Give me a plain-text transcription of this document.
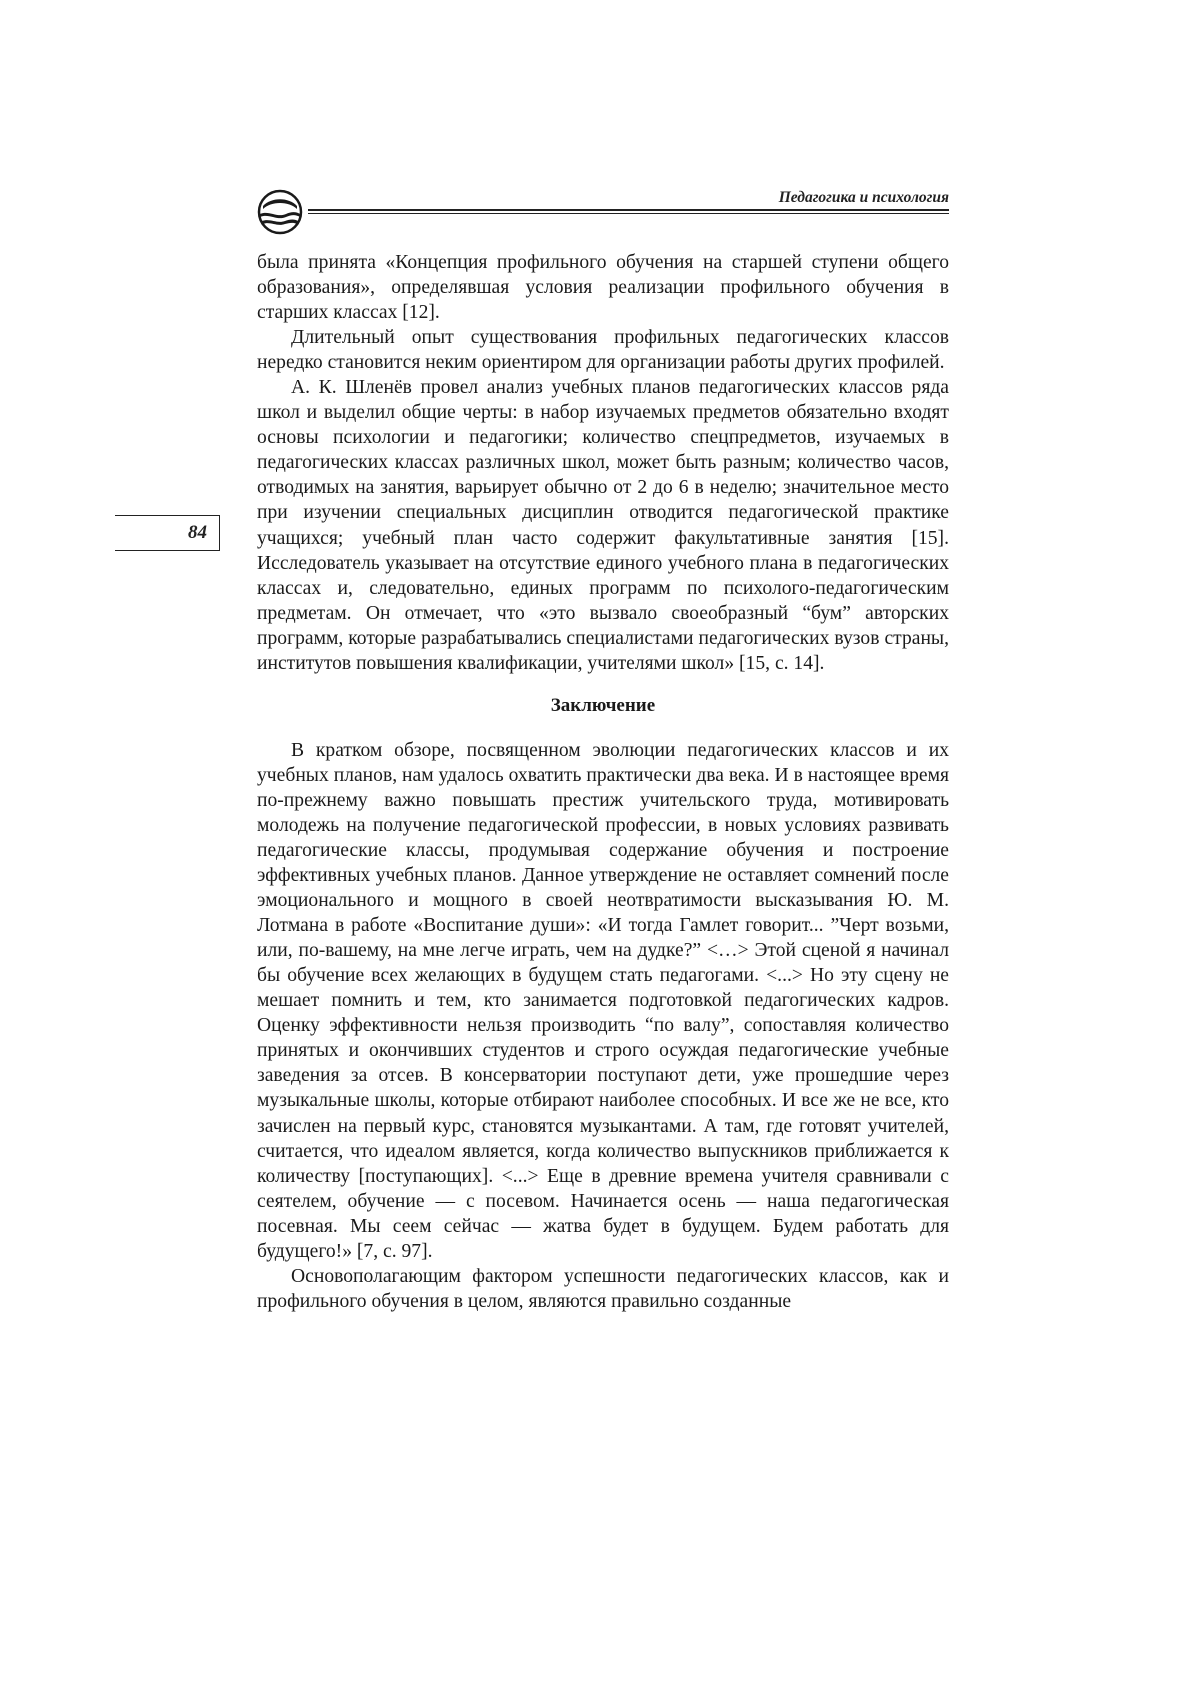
Педагогика и психология
84

была принята «Концепция профильного обучения на старшей ступени общего образования», определявшая условия реализации профильного обучения в старших классах [12].

Длительный опыт существования профильных педагогических классов нередко становится неким ориентиром для организации работы других профилей.

А. К. Шленёв провел анализ учебных планов педагогических классов ряда школ и выделил общие черты: в набор изучаемых предметов обязательно входят основы психологии и педагогики; количество спецпредметов, изучаемых в педагогических классах различных школ, может быть разным; количество часов, отводимых на занятия, варьирует обычно от 2 до 6 в неделю; значительное место при изучении специальных дисциплин отводится педагогической практике учащихся; учебный план часто содержит факультативные занятия [15]. Исследователь указывает на отсутствие единого учебного плана в педагогических классах и, следовательно, единых программ по психолого-педагогическим предметам. Он отмечает, что «это вызвало своеобразный “бум” авторских программ, которые разрабатывались специалистами педагогических вузов страны, институтов повышения квалификации, учителями школ» [15, с. 14].

Заключение

В кратком обзоре, посвященном эволюции педагогических классов и их учебных планов, нам удалось охватить практически два века. И в настоящее время по-прежнему важно повышать престиж учительского труда, мотивировать молодежь на получение педагогической профессии, в новых условиях развивать педагогические классы, продумывая содержание обучения и построение эффективных учебных планов. Данное утверждение не оставляет сомнений после эмоционального и мощного в своей неотвратимости высказывания Ю. М. Лотмана в работе «Воспитание души»: «И тогда Гамлет говорит... ”Черт возьми, или, по-вашему, на мне легче играть, чем на дудке?” <…> Этой сценой я начинал бы обучение всех желающих в будущем стать педагогами. <...> Но эту сцену не мешает помнить и тем, кто занимается подготовкой педагогических кадров. Оценку эффективности нельзя производить “по валу”, сопоставляя количество принятых и окончивших студентов и строго осуждая педагогические учебные заведения за отсев. В консерватории поступают дети, уже прошедшие через музыкальные школы, которые отбирают наиболее способных. И все же не все, кто зачислен на первый курс, становятся музыкантами. А там, где готовят учителей, считается, что идеалом является, когда количество выпускников приближается к количеству [поступающих]. <...> Еще в древние времена учителя сравнивали с сеятелем, обучение — с посевом. Начинается осень — наша педагогическая посевная. Мы сеем сейчас — жатва будет в будущем. Будем работать для будущего!» [7, с. 97].

Основополагающим фактором успешности педагогических классов, как и профильного обучения в целом, являются правильно созданные
